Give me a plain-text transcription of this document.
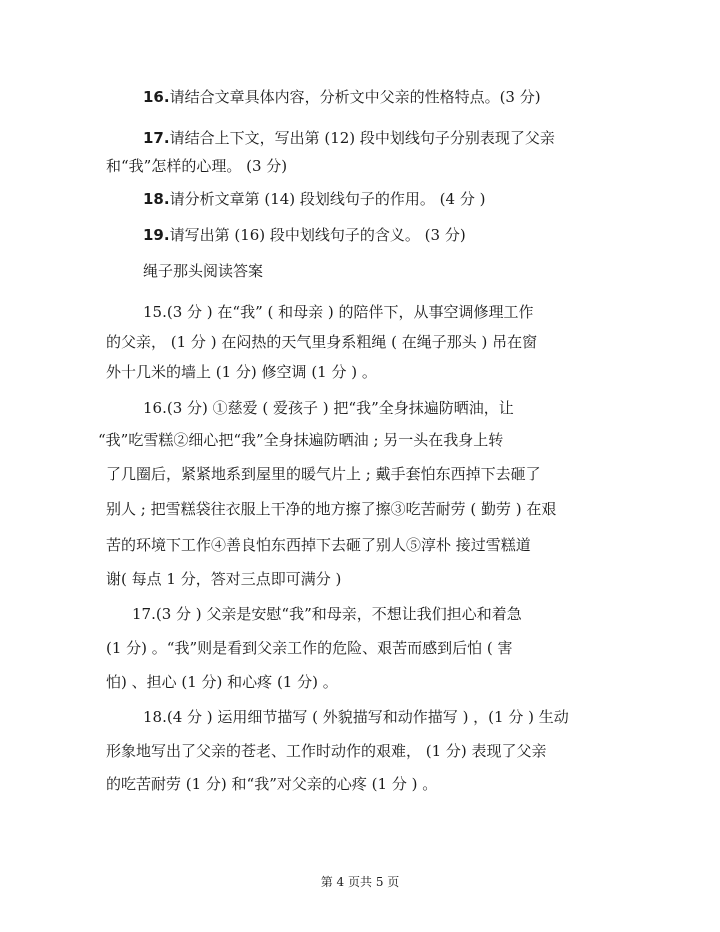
16.请结合文章具体内容，分析文中父亲的性格特点。(3 分)
17.请结合上下文，写出第 (12) 段中划线句子分别表现了父亲
和“我”怎样的心理。 (3 分)
18.请分析文章第 (14) 段划线句子的作用。 (4 分 )
19.请写出第 (16) 段中划线句子的含义。 (3 分)
绳子那头阅读答案
15.(3 分 ) 在“我” ( 和母亲 ) 的陪伴下，从事空调修理工作
的父亲， (1 分 ) 在闷热的天气里身系粗绳 ( 在绳子那头 ) 吊在窗
外十几米的墙上 (1 分) 修空调 (1 分 ) 。
16.(3 分) ①慈爱 ( 爱孩子 ) 把“我”全身抹遍防晒油，让
“我”吃雪糕②细心把“我”全身抹遍防晒油 ; 另一头在我身上转
了几圈后，紧紧地系到屋里的暖气片上 ; 戴手套怕东西掉下去砸了
别人 ; 把雪糕袋往衣服上干净的地方擦了擦③吃苦耐劳 ( 勤劳 ) 在艰
苦的环境下工作④善良怕东西掉下去砸了别人⑤淳朴 接过雪糕道
谢( 每点 1 分，答对三点即可满分 )
17.(3 分 ) 父亲是安慰“我”和母亲，不想让我们担心和着急
(1 分) 。“我”则是看到父亲工作的危险、艰苦而感到后怕 ( 害
怕) 、担心 (1 分) 和心疼 (1 分) 。
18.(4 分 ) 运用细节描写 ( 外貌描写和动作描写 ) ，(1 分 ) 生动
形象地写出了父亲的苍老、工作时动作的艰难， (1 分) 表现了父亲
的吃苦耐劳 (1 分) 和“我”对父亲的心疼 (1 分 ) 。
第 4 页共 5 页
